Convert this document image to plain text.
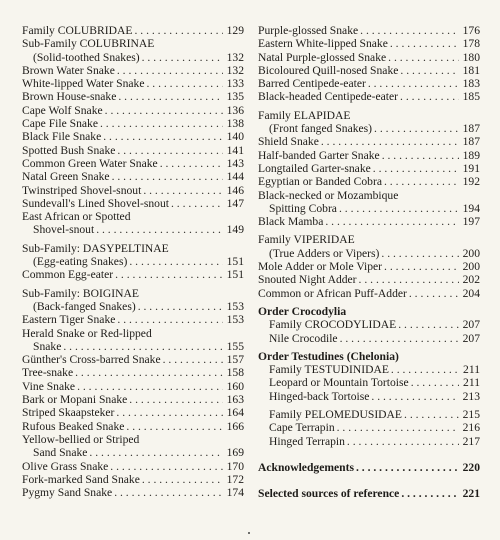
Family COLUBRIDAE . . .	129
Sub-Family COLUBRINAE
(Solid-toothed Snakes) . . .	132
Brown Water Snake . . .	132
White-lipped Water Snake . . .	133
Brown House-snake . . .	135
Cape Wolf Snake . . .	136
Cape File Snake . . .	138
Black File Snake . . .	140
Spotted Bush Snake . . .	141
Common Green Water Snake . . .	143
Natal Green Snake . . .	144
Twinstriped Shovel-snout . . .	146
Sundevall's Lined Shovel-snout . . .	147
East African or Spotted
Shovel-snout . . .	149
Sub-Family: DASYPELTINAE
(Egg-eating Snakes) . . .	151
Common Egg-eater . . .	151
Sub-Family: BOIGINAE
(Back-fanged Snakes) . . .	153
Eastern Tiger Snake . . .	153
Herald Snake or Red-lipped
Snake . . .	155
Günther's Cross-barred Snake . . .	157
Tree-snake . . .	158
Vine Snake . . .	160
Bark or Mopani Snake . . .	163
Striped Skaapsteker . . .	164
Rufous Beaked Snake . . .	166
Yellow-bellied or Striped
Sand Snake . . .	169
Olive Grass Snake . . .	170
Fork-marked Sand Snake . . .	172
Pygmy Sand Snake . . .	174
Purple-glossed Snake . . .	176
Eastern White-lipped Snake . . .	178
Natal Purple-glossed Snake . . .	180
Bicoloured Quill-nosed Snake . . .	181
Barred Centipede-eater . . .	183
Black-headed Centipede-eater . . .	185
Family ELAPIDAE
(Front fanged Snakes) . . .	187
Shield Snake . . .	187
Half-banded Garter Snake . . .	189
Longtailed Garter-snake . . .	191
Egyptian or Banded Cobra . . .	192
Black-necked or Mozambique
Spitting Cobra . . .	194
Black Mamba . . .	197
Family VIPERIDAE
(True Adders or Vipers) . . .	200
Mole Adder or Mole Viper . . .	200
Snouted Night Adder . . .	202
Common or African Puff-Adder . . .	204
Order Crocodylia
Family CROCODYLIDAE . . .	207
Nile Crocodile . . .	207
Order Testudines (Chelonia)
Family TESTUDINIDAE . . .	211
Leopard or Mountain Tortoise . . .	211
Hinged-back Tortoise . . .	213
Family PELOMEDUSIDAE . . .	215
Cape Terrapin . . .	216
Hinged Terrapin . . .	217
Acknowledgements . . .	220
Selected sources of reference . . .	221
